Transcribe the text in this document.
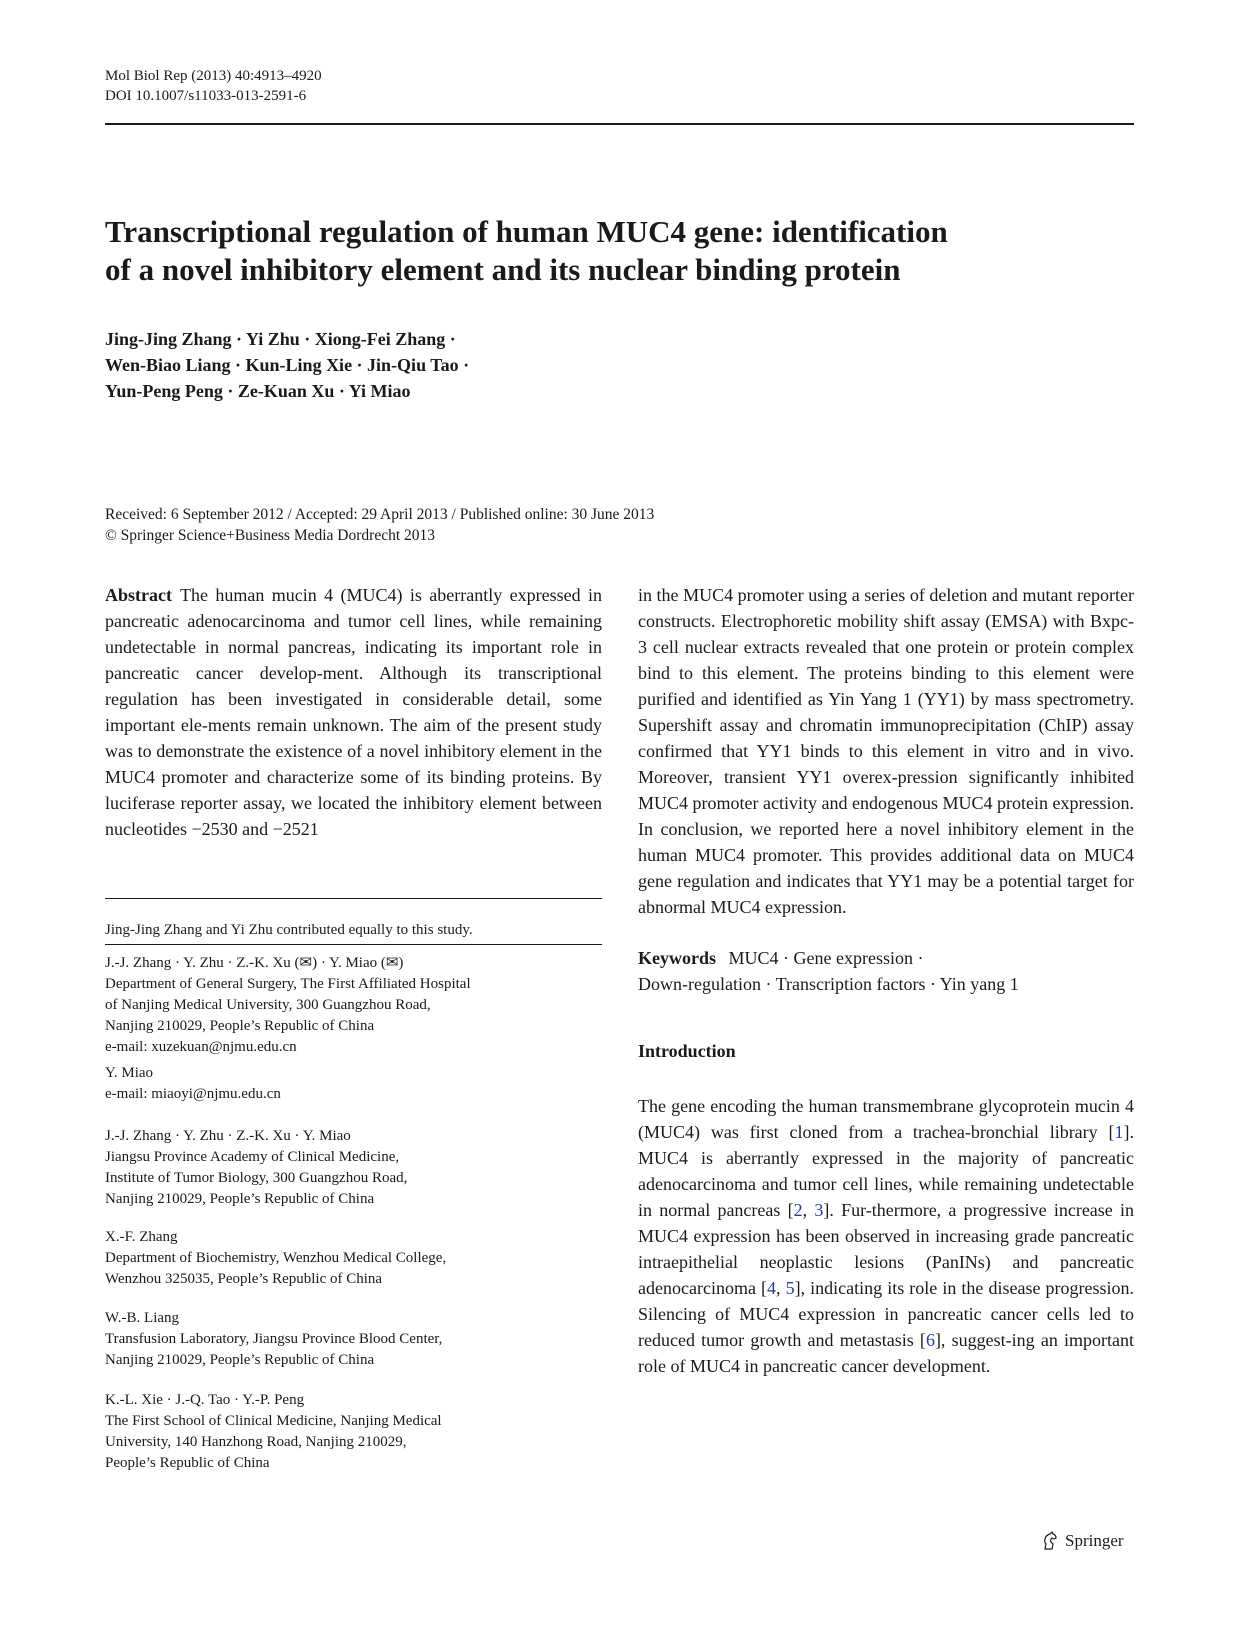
Mol Biol Rep (2013) 40:4913–4920
DOI 10.1007/s11033-013-2591-6
Transcriptional regulation of human MUC4 gene: identification
of a novel inhibitory element and its nuclear binding protein
Jing-Jing Zhang · Yi Zhu · Xiong-Fei Zhang ·
Wen-Biao Liang · Kun-Ling Xie · Jin-Qiu Tao ·
Yun-Peng Peng · Ze-Kuan Xu · Yi Miao
Received: 6 September 2012 / Accepted: 29 April 2013 / Published online: 30 June 2013
© Springer Science+Business Media Dordrecht 2013

Abstract The human mucin 4 (MUC4) is aberrantly expressed in pancreatic adenocarcinoma and tumor cell lines, while remaining undetectable in normal pancreas, indicating its important role in pancreatic cancer develop-ment. Although its transcriptional regulation has been investigated in considerable detail, some important ele-ments remain unknown. The aim of the present study was to demonstrate the existence of a novel inhibitory element in the MUC4 promoter and characterize some of its binding proteins. By luciferase reporter assay, we located the inhibitory element between nucleotides −2530 and −2521

Jing-Jing Zhang and Yi Zhu contributed equally to this study.
J.-J. Zhang · Y. Zhu · Z.-K. Xu (✉) · Y. Miao (✉)
Department of General Surgery, The First Affiliated Hospital
of Nanjing Medical University, 300 Guangzhou Road,
Nanjing 210029, People’s Republic of China
e-mail: xuzekuan@njmu.edu.cn
Y. Miao
e-mail: miaoyi@njmu.edu.cn
J.-J. Zhang · Y. Zhu · Z.-K. Xu · Y. Miao
Jiangsu Province Academy of Clinical Medicine,
Institute of Tumor Biology, 300 Guangzhou Road,
Nanjing 210029, People’s Republic of China
X.-F. Zhang
Department of Biochemistry, Wenzhou Medical College,
Wenzhou 325035, People’s Republic of China
W.-B. Liang
Transfusion Laboratory, Jiangsu Province Blood Center,
Nanjing 210029, People’s Republic of China
K.-L. Xie · J.-Q. Tao · Y.-P. Peng
The First School of Clinical Medicine, Nanjing Medical
University, 140 Hanzhong Road, Nanjing 210029,
People’s Republic of China

in the MUC4 promoter using a series of deletion and mutant reporter constructs. Electrophoretic mobility shift assay (EMSA) with Bxpc-3 cell nuclear extracts revealed that one protein or protein complex bind to this element. The proteins binding to this element were purified and identified as Yin Yang 1 (YY1) by mass spectrometry. Supershift assay and chromatin immunoprecipitation (ChIP) assay confirmed that YY1 binds to this element in vitro and in vivo. Moreover, transient YY1 overex-pression significantly inhibited MUC4 promoter activity and endogenous MUC4 protein expression. In conclusion, we reported here a novel inhibitory element in the human MUC4 promoter. This provides additional data on MUC4 gene regulation and indicates that YY1 may be a potential target for abnormal MUC4 expression.

Keywords MUC4 · Gene expression ·
Down-regulation · Transcription factors · Yin yang 1
Introduction

The gene encoding the human transmembrane glycoprotein mucin 4 (MUC4) was first cloned from a trachea-bronchial library [1]. MUC4 is aberrantly expressed in the majority of pancreatic adenocarcinoma and tumor cell lines, while remaining undetectable in normal pancreas [2, 3]. Fur-thermore, a progressive increase in MUC4 expression has been observed in increasing grade pancreatic intraepithelial neoplastic lesions (PanINs) and pancreatic adenocarcinoma [4, 5], indicating its role in the disease progression. Silencing of MUC4 expression in pancreatic cancer cells led to reduced tumor growth and metastasis [6], suggest-ing an important role of MUC4 in pancreatic cancer development.

Springer
